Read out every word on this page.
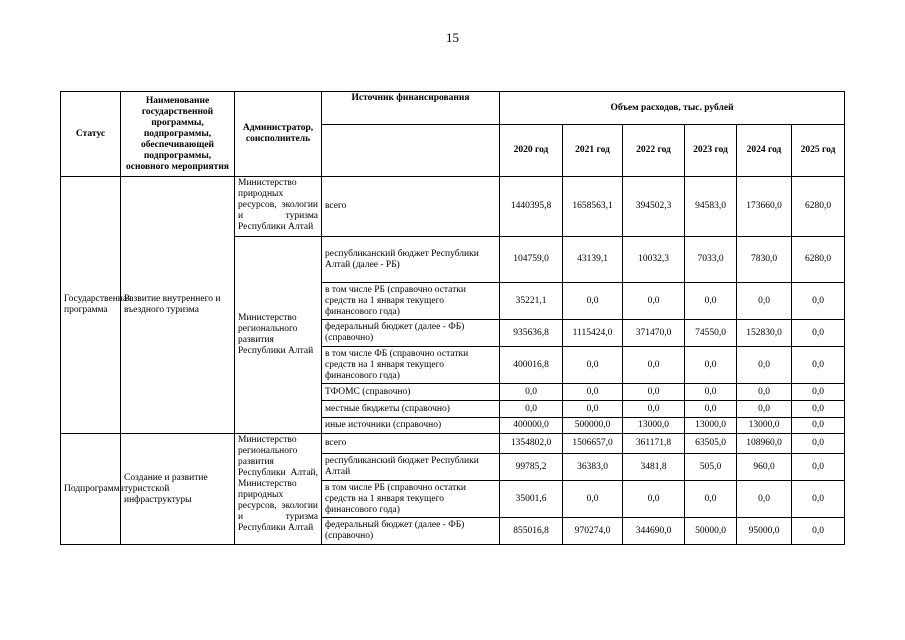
15
Статус	Наименование государственной программы, подпрограммы, обеспечивающей подпрограммы, основного мероприятия	Администратор, соисполнитель	Источник финансирования	Объем расходов, тыс. рублей					
				2020 год	2021 год	2022 год	2023 год	2024 год	2025 год
Государственная программа	Развитие внутреннего и въездного туризма	Министерство природных ресурсов, экологии и туризма Республики Алтай	всего	1440395,8	1658563,1	394502,3	94583,0	173660,0	6280,0
		Министерство регионального развития Республики Алтай	республиканский бюджет Республики Алтай (далее - РБ)	104759,0	43139,1	10032,3	7033,0	7830,0	6280,0
			в том числе РБ (справочно остатки средств на 1 января текущего финансового года)	35221,1	0,0	0,0	0,0	0,0	0,0
			федеральный бюджет (далее - ФБ) (справочно)	935636,8	1115424,0	371470,0	74550,0	152830,0	0,0
			в том числе ФБ (справочно остатки средств на 1 января текущего финансового года)	400016,8	0,0	0,0	0,0	0,0	0,0
			ТФОМС (справочно)	0,0	0,0	0,0	0,0	0,0	0,0
			местные бюджеты (справочно)	0,0	0,0	0,0	0,0	0,0	0,0
			иные источники (справочно)	400000,0	500000,0	13000,0	13000,0	13000,0	0,0
Подпрограмма	Создание и развитие туристской инфраструктуры	Министерство регионального развития Республики Алтай, Министерство природных ресурсов, экологии и туризма Республики Алтай	всего	1354802,0	1506657,0	361171,8	63505,0	108960,0	0,0
			республиканский бюджет Республики Алтай	99785,2	36383,0	3481,8	505,0	960,0	0,0
			в том числе РБ (справочно остатки средств на 1 января текущего финансового года)	35001,6	0,0	0,0	0,0	0,0	0,0
			федеральный бюджет (далее - ФБ) (справочно)	855016,8	970274,0	344690,0	50000,0	95000,0	0,0
